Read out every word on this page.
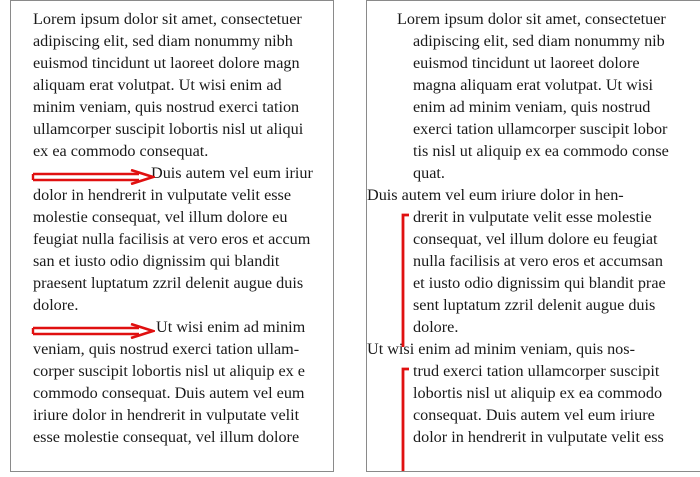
Lorem ipsum dolor sit amet, consectetuer
adipiscing elit, sed diam nonummy nibh
euismod tincidunt ut laoreet dolore magn
aliquam erat volutpat. Ut wisi enim ad
minim veniam, quis nostrud exerci tation
ullamcorper suscipit lobortis nisl ut aliqui
ex ea commodo consequat.
Duis autem vel eum iriur
dolor in hendrerit in vulputate velit esse
molestie consequat, vel illum dolore eu
feugiat nulla facilisis at vero eros et accum
san et iusto odio dignissim qui blandit
praesent luptatum zzril delenit augue duis
dolore.
Ut wisi enim ad minim
veniam, quis nostrud exerci tation ullam-
corper suscipit lobortis nisl ut aliquip ex e
commodo consequat. Duis autem vel eum
iriure dolor in hendrerit in vulputate velit
esse molestie consequat, vel illum dolore
Lorem ipsum dolor sit amet, consectetuer
adipiscing elit, sed diam nonummy nib
euismod tincidunt ut laoreet dolore
magna aliquam erat volutpat. Ut wisi
enim ad minim veniam, quis nostrud
exerci tation ullamcorper suscipit lobor
tis nisl ut aliquip ex ea commodo conse
quat.
Duis autem vel eum iriure dolor in hen-
drerit in vulputate velit esse molestie
consequat, vel illum dolore eu feugiat
nulla facilisis at vero eros et accumsan
et iusto odio dignissim qui blandit prae
sent luptatum zzril delenit augue duis
dolore.
Ut wisi enim ad minim veniam, quis nos-
trud exerci tation ullamcorper suscipit
lobortis nisl ut aliquip ex ea commodo
consequat. Duis autem vel eum iriure
dolor in hendrerit in vulputate velit ess
